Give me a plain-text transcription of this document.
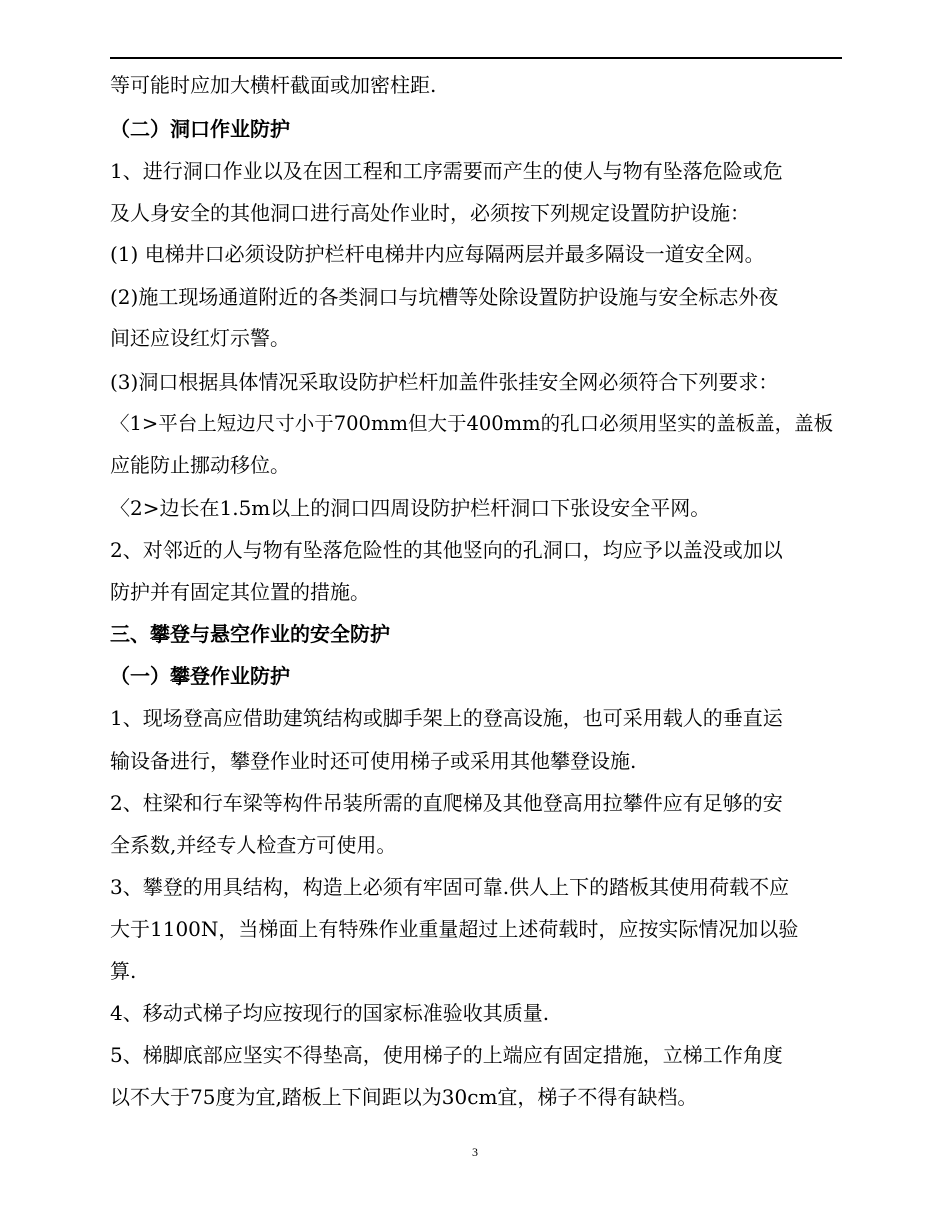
等可能时应加大横杆截面或加密柱距.
（二）洞口作业防护
1、进行洞口作业以及在因工程和工序需要而产生的使人与物有坠落危险或危
及人身安全的其他洞口进行高处作业时，必须按下列规定设置防护设施：
(1) 电梯井口必须设防护栏杆电梯井内应每隔两层并最多隔设一道安全网。
(2)施工现场通道附近的各类洞口与坑槽等处除设置防护设施与安全标志外夜
间还应设红灯示警。
(3)洞口根据具体情况采取设防护栏杆加盖件张挂安全网必须符合下列要求：
〈1>平台上短边尺寸小于700mm但大于400mm的孔口必须用坚实的盖板盖，盖板
应能防止挪动移位。
〈2>边长在1.5m以上的洞口四周设防护栏杆洞口下张设安全平网。
2、对邻近的人与物有坠落危险性的其他竖向的孔洞口，均应予以盖没或加以
防护并有固定其位置的措施。
三、攀登与悬空作业的安全防护
（一）攀登作业防护
1、现场登高应借助建筑结构或脚手架上的登高设施，也可采用载人的垂直运
输设备进行，攀登作业时还可使用梯子或采用其他攀登设施.
2、柱梁和行车梁等构件吊装所需的直爬梯及其他登高用拉攀件应有足够的安
全系数,并经专人检查方可使用。
3、攀登的用具结构，构造上必须有牢固可靠.供人上下的踏板其使用荷载不应
大于1100N，当梯面上有特殊作业重量超过上述荷载时，应按实际情况加以验
算.
4、移动式梯子均应按现行的国家标准验收其质量.
5、梯脚底部应坚实不得垫高，使用梯子的上端应有固定措施，立梯工作角度
以不大于75度为宜,踏板上下间距以为30cm宜，梯子不得有缺档。
3
